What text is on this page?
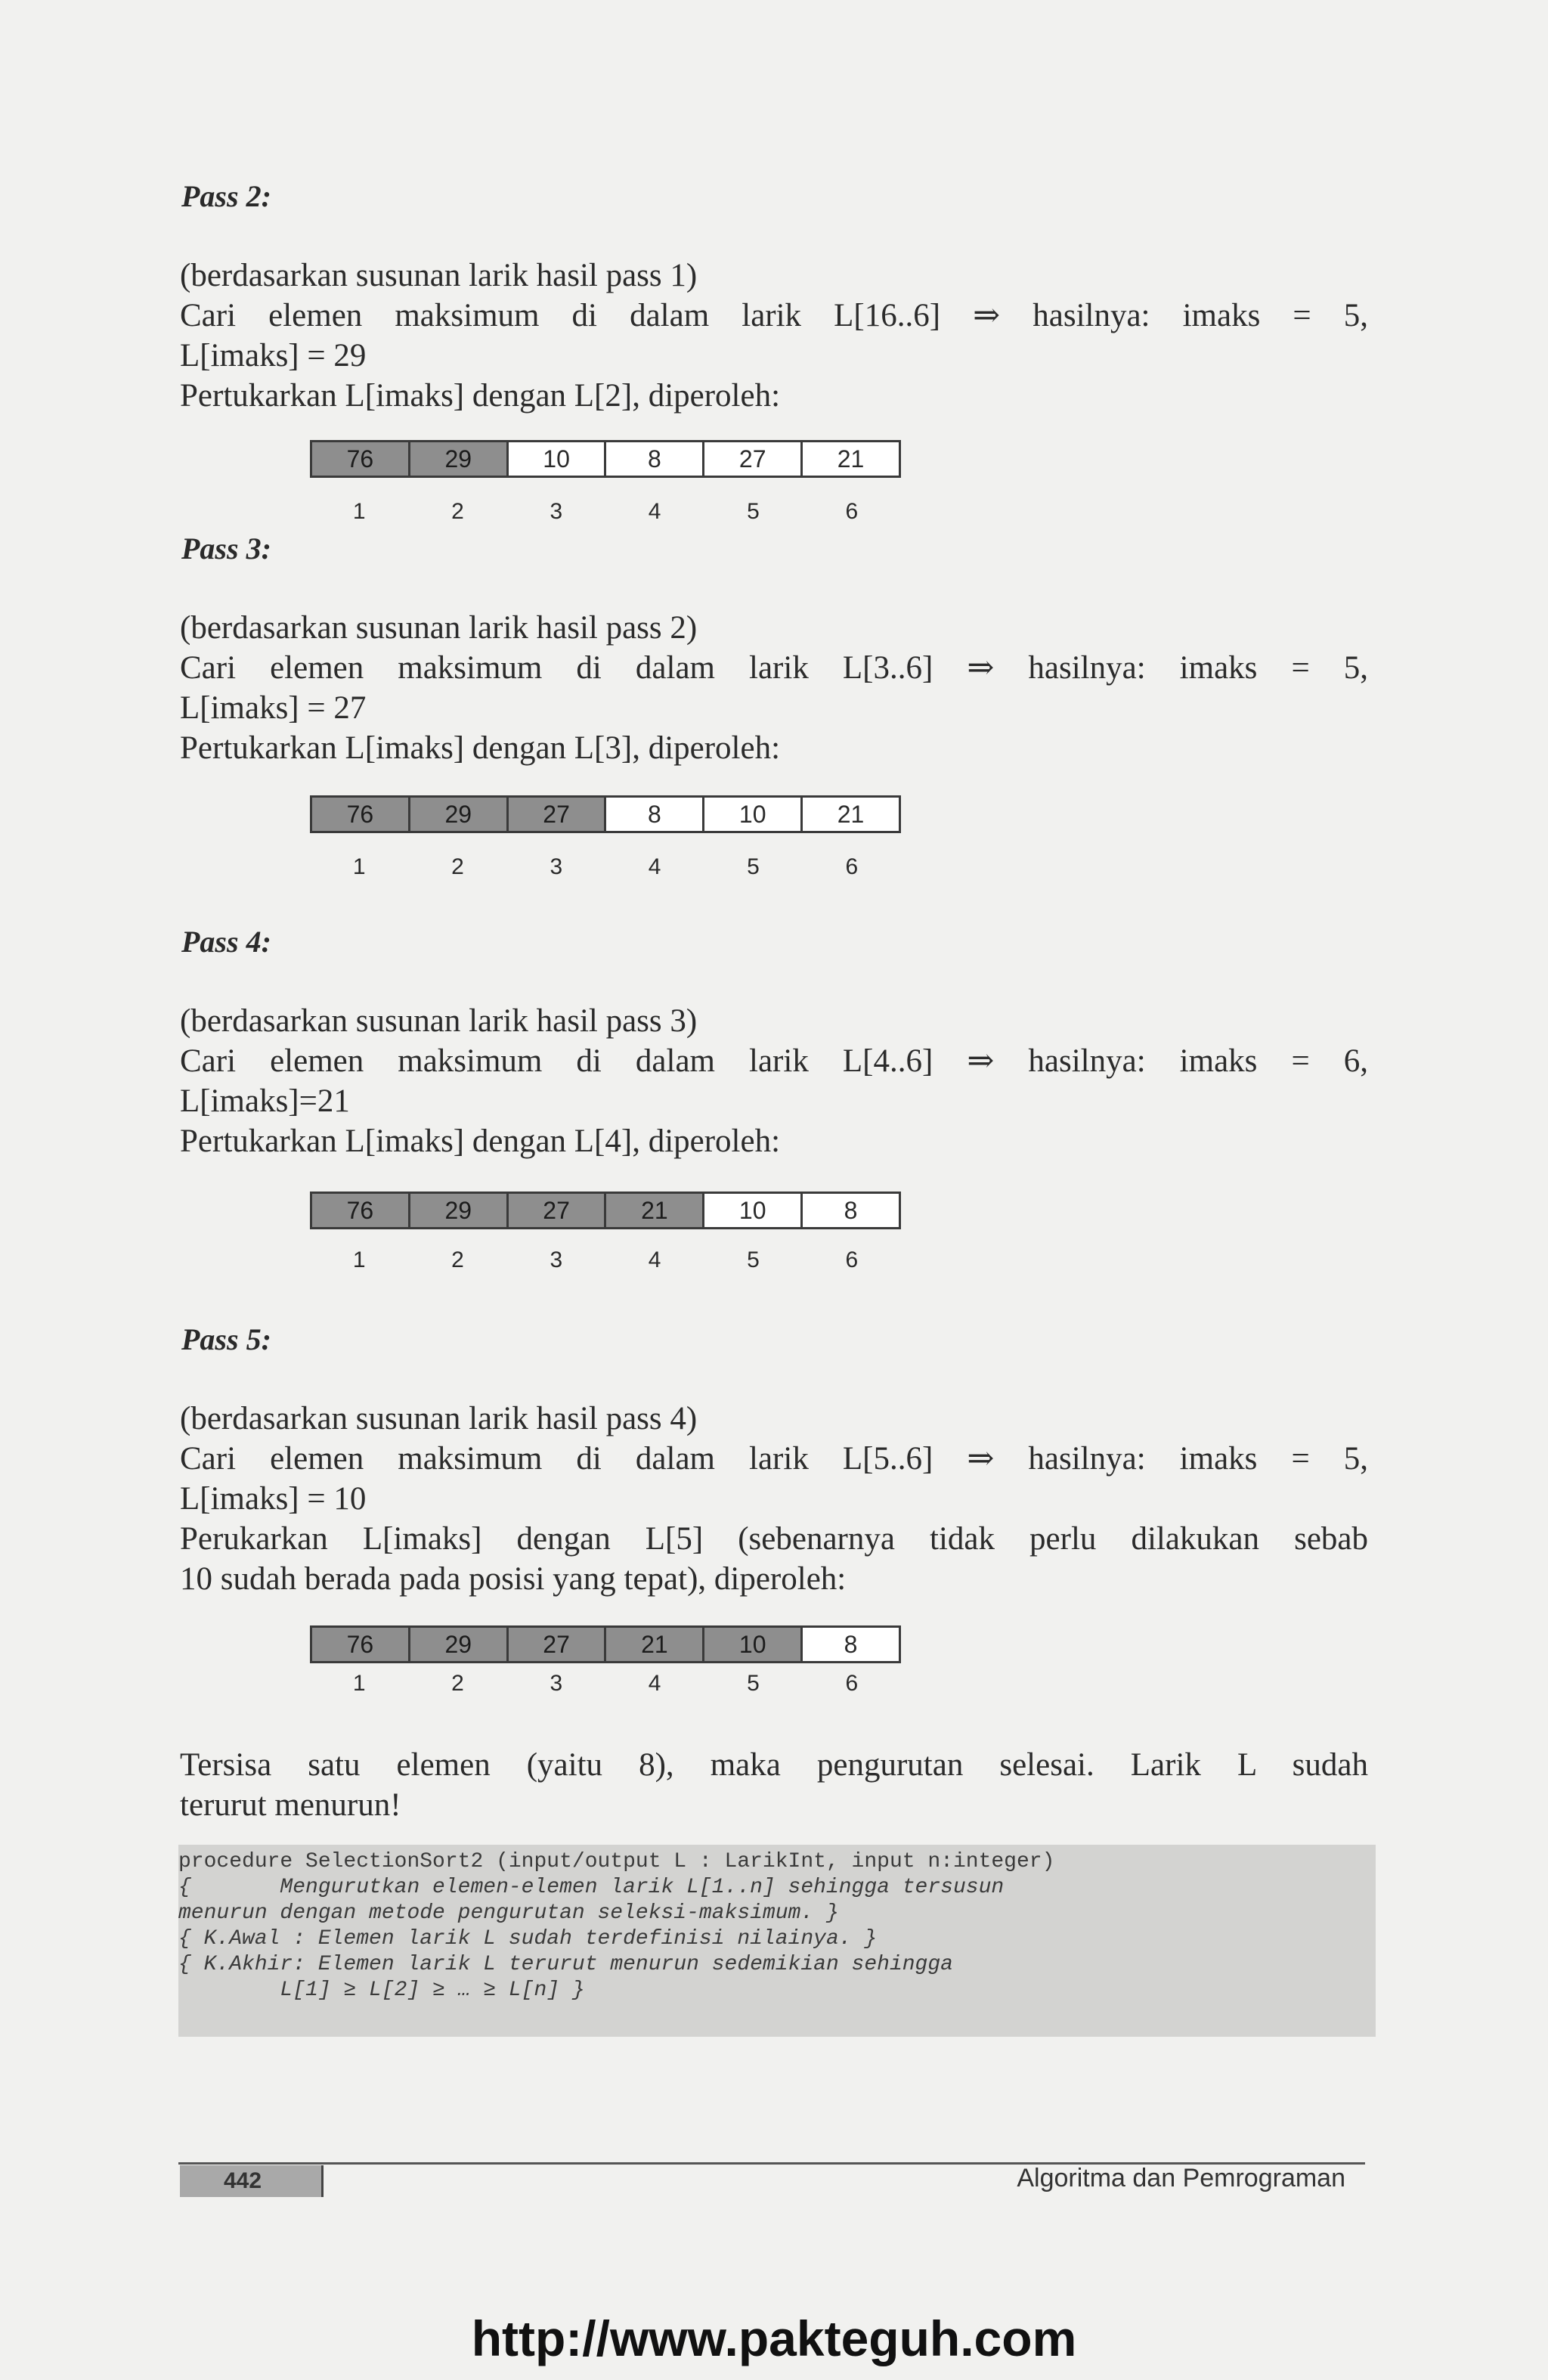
Pass 2:
(berdasarkan susunan larik hasil pass 1)
Cari elemen maksimum di dalam larik L[16..6] ⇒ hasilnya: imaks = 5,
L[imaks] = 29
Pertukarkan L[imaks] dengan L[2], diperoleh:
76	29	10	8	27	21
1	2	3	4	5	6
Pass 3:
(berdasarkan susunan larik hasil pass 2)
Cari elemen maksimum di dalam larik L[3..6] ⇒ hasilnya: imaks = 5,
L[imaks] = 27
Pertukarkan L[imaks] dengan L[3], diperoleh:
76	29	27	8	10	21
1	2	3	4	5	6
Pass 4:
(berdasarkan susunan larik hasil pass 3)
Cari elemen maksimum di dalam larik L[4..6] ⇒ hasilnya: imaks = 6,
L[imaks]=21
Pertukarkan L[imaks] dengan L[4], diperoleh:
76	29	27	21	10	8
1	2	3	4	5	6
Pass 5:
(berdasarkan susunan larik hasil pass 4)
Cari elemen maksimum di dalam larik L[5..6] ⇒ hasilnya: imaks = 5,
L[imaks] = 10
Perukarkan L[imaks] dengan L[5] (sebenarnya tidak perlu dilakukan sebab
10 sudah berada pada posisi yang tepat), diperoleh:
76	29	27	21	10	8
1	2	3	4	5	6
Tersisa satu elemen (yaitu 8), maka pengurutan selesai. Larik L sudah
terurut menurun!
procedure SelectionSort2 (input/output L : LarikInt, input n:integer)
{       Mengurutkan elemen-elemen larik L[1..n] sehingga tersusun
menurun dengan metode pengurutan seleksi-maksimum. }
{ K.Awal : Elemen larik L sudah terdefinisi nilainya. }
{ K.Akhir: Elemen larik L terurut menurun sedemikian sehingga
L[1] ≥ L[2] ≥ … ≥ L[n] }
442	Algoritma dan Pemrograman
http://www.pakteguh.com
